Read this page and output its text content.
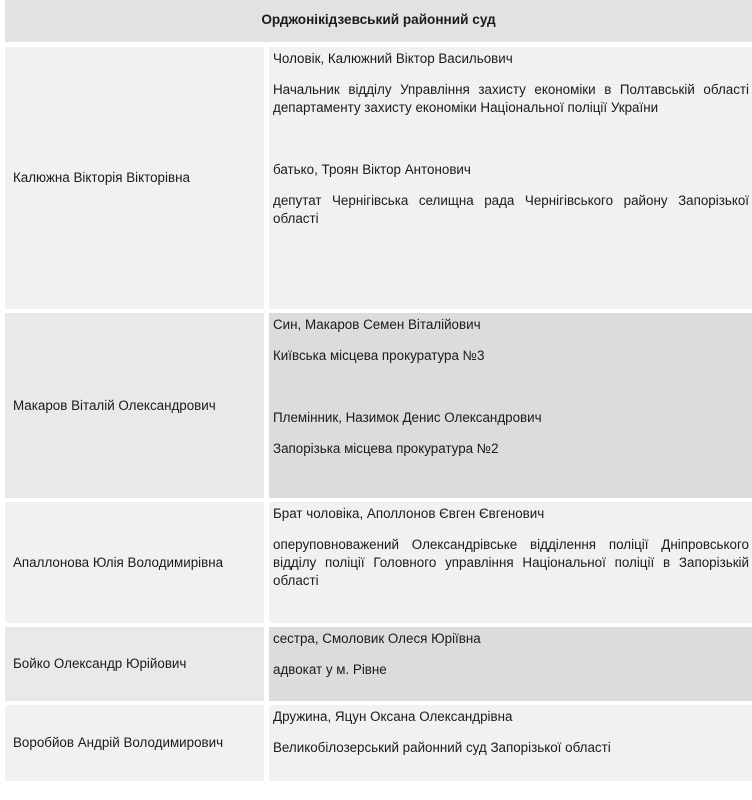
Орджонікідзевський районний суд	
Калюжна Вікторія Вікторівна	Чоловік, Калюжний Віктор Васильович

Начальник відділу Управління захисту економіки в Полтавській області департаменту захисту економіки Національної поліції України

батько, Троян Віктор Антонович

депутат Чернігівська селищна рада Чернігівського району Запорізької області

Макаров Віталій Олександрович	Син, Макаров Семен Віталійович

Київська місцева прокуратура №3

Племінник, Назимок Денис Олександрович

Запорізька місцева прокуратура №2

Апаллонова Юлія Володимирівна	Брат чоловіка, Аполлонов Євген Євгенович

оперуповноважений Олександрівське відділення поліції Дніпровського відділу поліції Головного управління Національної поліції в Запорізькій області

Бойко Олександр Юрійович	сестра, Смоловик Олеся Юріївна

адвокат у м. Рівне

Воробйов Андрій Володимирович	Дружина, Яцун Оксана Олександрівна

Великобілозерський районний суд Запорізької області
